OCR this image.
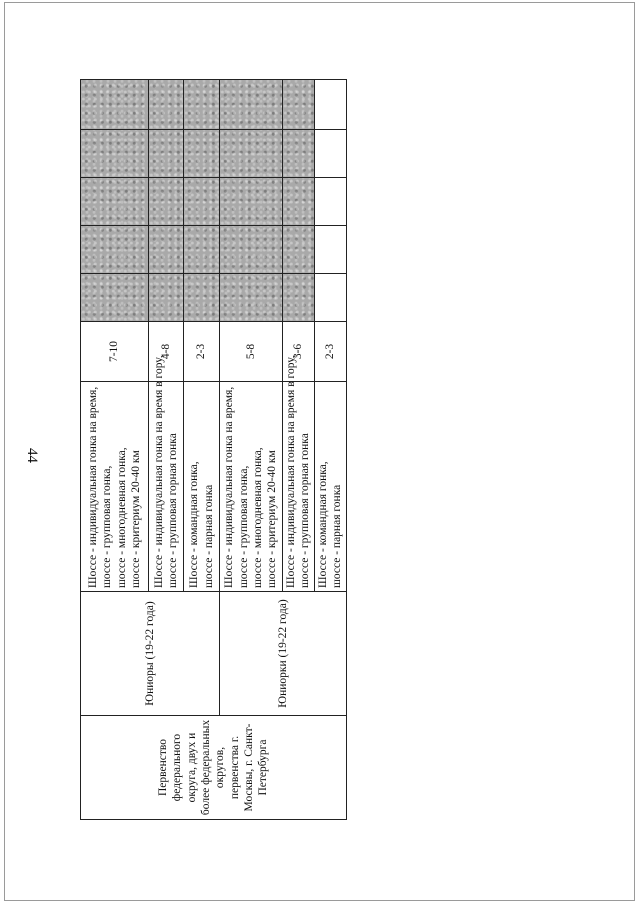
44
Первенство федерального округа, двух и более федеральных округов, первенства г. Москвы, г. Санкт-Петербурга	Юниоры (19-22 года)	Шоссе - индивидуальная гонка на время, шоссе - групповая гонка, шоссе - многодневная гонка, шоссе - критериум 20-40 км	7-10					

		Шоссе - индивидуальная гонка на время в гору, шоссе - групповая горная гонка	4-8					

		Шоссе - командная гонка, шоссе - парная гонка	2-3					
	Юниорки (19-22 года)	Шоссе - индивидуальная гонка на время, шоссе - групповая гонка, шоссе - многодневная гонка, шоссе - критериум 20-40 км	5-8					

		Шоссе - индивидуальная гонка на время в гору, шоссе - групповая горная гонка	3-6					

		Шоссе - командная гонка, шоссе - парная гонка	2-3					
